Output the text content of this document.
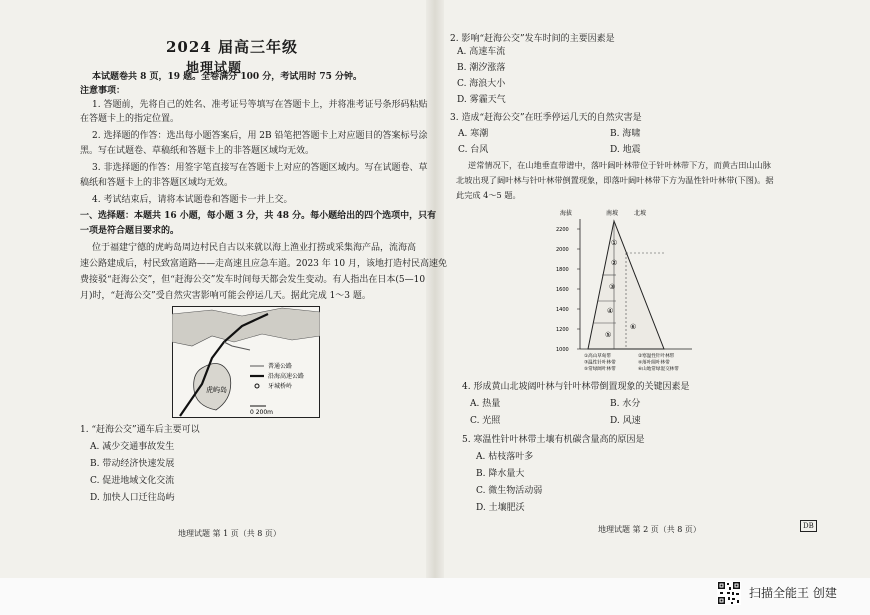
2024 届高三年级
地理试题
本试题卷共 8 页，19 题。全卷满分 100 分，考试用时 75 分钟。
注意事项：
1. 答题前，先将自己的姓名、准考证号等填写在答题卡上，并将准考证号条形码粘贴
在答题卡上的指定位置。
2. 选择题的作答：选出每小题答案后，用 2B 铅笔把答题卡上对应题目的答案标号涂
黑。写在试题卷、草稿纸和答题卡上的非答题区域均无效。
3. 非选择题的作答：用签字笔直接写在答题卡上对应的答题区域内。写在试题卷、草
稿纸和答题卡上的非答题区域均无效。
4. 考试结束后，请将本试题卷和答题卡一并上交。
一、选择题：本题共 16 小题，每小题 3 分，共 48 分。每小题给出的四个选项中，只有
一项是符合题目要求的。
位于福建宁德的虎屿岛周边村民自古以来就以海上渔业打捞或采集海产品，流海高
速公路建成后，村民致富道路——走高速且应急车道。2023 年 10 月，该地打造村民高速免
费接驳“赶海公交”，但“赶海公交”发车时间每天都会发生变动。有人指出在日本(5—10
月)时，“赶海公交”受自然灾害影响可能会停运几天。据此完成 1～3 题。
普通公路
沿海高速公路
牙城桥岭
0 200m
虎屿岛
1. “赶海公交”通车后主要可以
A. 减少交通事故发生
B. 带动经济快速发展
C. 促进地域文化交流
D. 加快人口迁往岛屿
地理试题 第 1 页（共 8 页）
2. 影响“赶海公交”发车时间的主要因素是
A. 高速车流
B. 潮汐涨落
C. 海浪大小
D. 雾霾天气
3. 造成“赶海公交”在旺季停运几天的自然灾害是
A. 寒潮	B. 海啸
C. 台风	D. 地震
逆常情况下，在山地垂直带谱中，落叶阔叶林带位于针叶林带下方，而黄古田山山脉
北坡出现了阔叶林与针叶林带倒置现象，即落叶阔叶林带下方为温性针叶林带(下图)。据
此完成 4～5 题。
海拔	南坡	北坡
1000
1200
1400
1600
1800
2000
2200
①
②
③
④
⑤
⑥
①高山草甸带	②寒温性针叶林带
③温性针叶林带	④落叶阔叶林带
⑤常绿阔叶林带	⑥山地常绿混交林带
4. 形成黄山北坡阔叶林与针叶林带倒置现象的关键因素是
A. 热量	B. 水分
C. 光照	D. 风速
5. 寒温性针叶林带土壤有机碳含量高的原因是
A. 枯枝落叶多
B. 降水量大
C. 微生物活动弱
D. 土壤肥沃
地理试题 第 2 页（共 8 页）	DB
扫描全能王 创建
